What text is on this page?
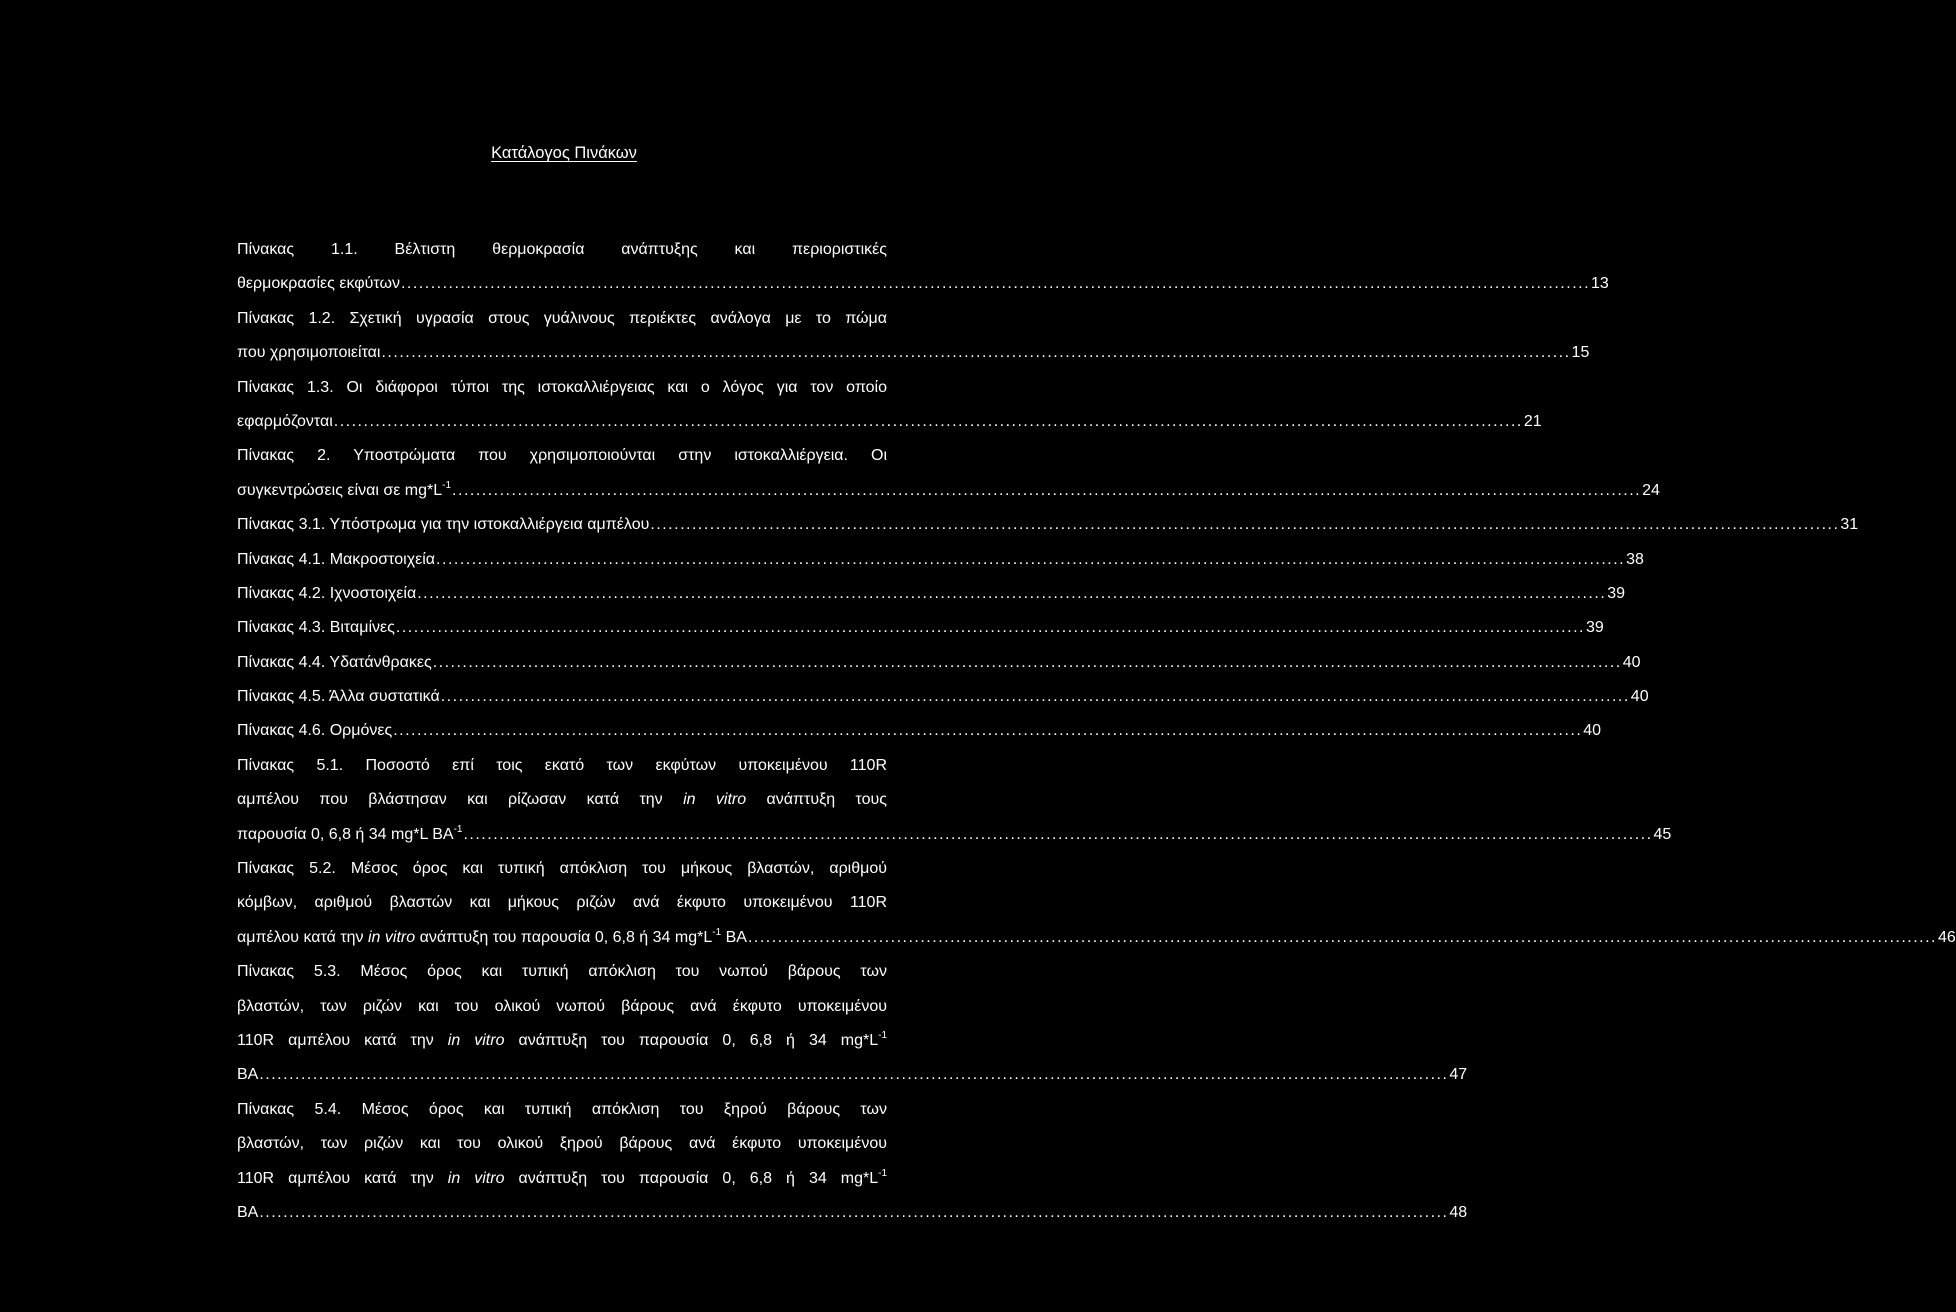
Κατάλογος Πινάκων
Πίνακας 1.1. Βέλτιστη θερμοκρασία ανάπτυξης και περιοριστικές
θερμοκρασίες εκφύτων ........................................................................................................................................................................................................ 13
Πίνακας 1.2. Σχετική υγρασία στους γυάλινους περιέκτες ανάλογα με το πώμα
που χρησιμοποιείται ........................................................................................................................................................................................................ 15
Πίνακας 1.3. Οι διάφοροι τύποι της ιστοκαλλιέργειας και ο λόγος για τον οποίο
εφαρμόζονται ........................................................................................................................................................................................................ 21
Πίνακας 2. Υποστρώματα που χρησιμοποιούνται στην ιστοκαλλιέργεια. Οι
συγκεντρώσεις είναι σε $mg*L^{-1}$ ........................................................................................................................................................................................................ 24
Πίνακας 3.1. Υπόστρωμα για την ιστοκαλλιέργεια αμπέλου ........................................................................................................................................................................................................ 31
Πίνακας 4.1. Μακροστοιχεία ........................................................................................................................................................................................................ 38
Πίνακας 4.2. Ιχνοστοιχεία ........................................................................................................................................................................................................ 39
Πίνακας 4.3. Βιταμίνες ........................................................................................................................................................................................................ 39
Πίνακας 4.4. Υδατάνθρακες ........................................................................................................................................................................................................ 40
Πίνακας 4.5. Άλλα συστατικά ........................................................................................................................................................................................................ 40
Πίνακας 4.6. Ορμόνες ........................................................................................................................................................................................................ 40
Πίνακας 5.1. Ποσοστό επί τοις εκατό των εκφύτων υποκειμένου 110R
αμπέλου που βλάστησαν και ρίζωσαν κατά την in vitro ανάπτυξη τους
παρουσία 0, 6,8 ή 34 mg*L $BA^{-1}$ ........................................................................................................................................................................................................ 45
Πίνακας 5.2. Μέσος όρος και τυπική απόκλιση του μήκους βλαστών, αριθμού
κόμβων, αριθμού βλαστών και μήκους ριζών ανά έκφυτο υποκειμένου 110R
αμπέλου κατά την in vitro ανάπτυξη του παρουσία 0, 6,8 ή 34 $mg*L^{-1}$ BA ........................................................................................................................................................................................................ 46
Πίνακας 5.3. Μέσος όρος και τυπική απόκλιση του νωπού βάρους των
βλαστών, των ριζών και του ολικού νωπού βάρους ανά έκφυτο υποκειμένου
110R αμπέλου κατά την in vitro ανάπτυξη του παρουσία 0, 6,8 ή 34 $mg*L^{-1}$
BA ........................................................................................................................................................................................................ 47
Πίνακας 5.4. Μέσος όρος και τυπική απόκλιση του ξηρού βάρους των
βλαστών, των ριζών και του ολικού ξηρού βάρους ανά έκφυτο υποκειμένου
110R αμπέλου κατά την in vitro ανάπτυξη του παρουσία 0, 6,8 ή 34 $mg*L^{-1}$
BA ........................................................................................................................................................................................................ 48
